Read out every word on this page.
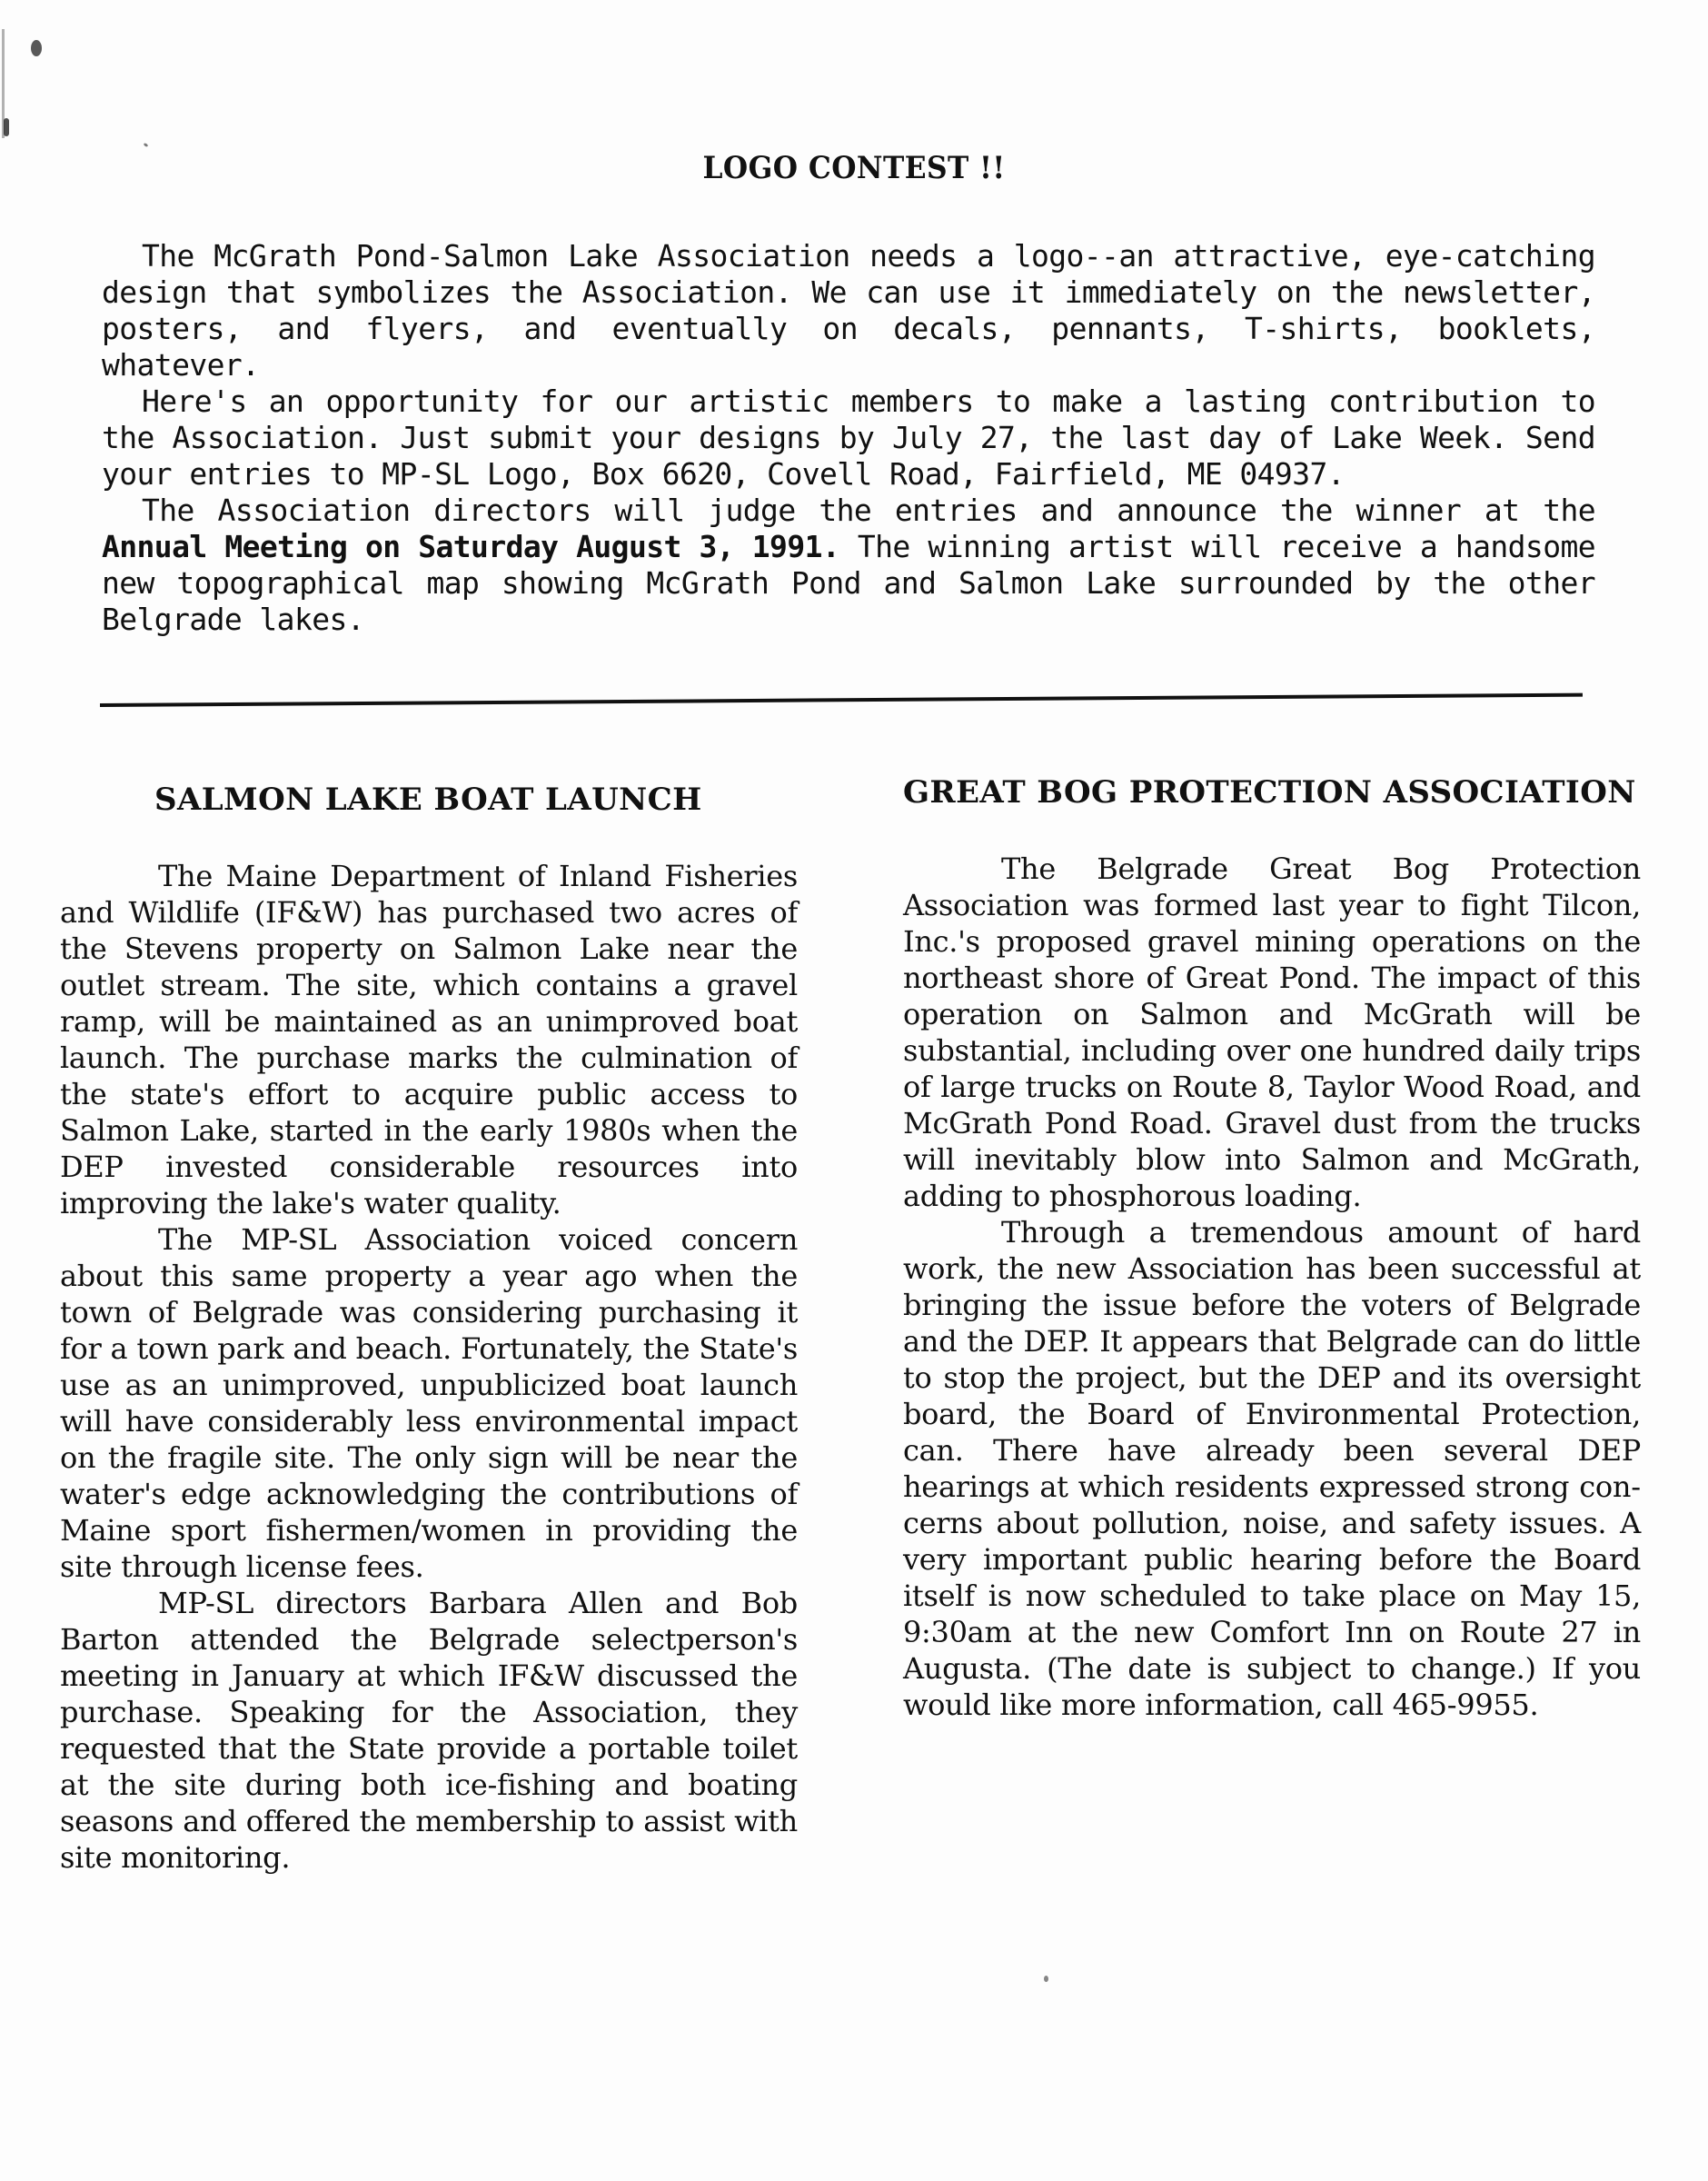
LOGO CONTEST !!

The McGrath Pond-Salmon Lake Association needs a logo--an attractive, eye-catching design that symbolizes the Association. We can use it immediately on the newsletter, posters, and flyers, and eventually on decals, pennants, T-shirts, booklets, whatever.

Here's an opportunity for our artistic members to make a lasting contribution to the Association. Just submit your designs by July 27, the last day of Lake Week. Send your entries to MP-SL Logo, Box 6620, Covell Road, Fairfield, ME 04937.

The Association directors will judge the entries and announce the winner at the Annual Meeting on Saturday August 3, 1991. The winning artist will receive a handsome new topographical map showing McGrath Pond and Salmon Lake surrounded by the other Belgrade lakes.

SALMON LAKE BOAT LAUNCH

The Maine Department of Inland Fisheries and Wildlife (IF&W) has purchased two acres of the Stevens property on Salmon Lake near the outlet stream. The site, which contains a gravel ramp, will be maintained as an unimproved boat launch. The purchase marks the culmination of the state's effort to acquire public access to Salmon Lake, started in the early 1980s when the DEP invested considerable resources into improving the lake's water quality.

The MP-SL Association voiced concern about this same property a year ago when the town of Belgrade was considering purchasing it for a town park and beach. Fortunately, the State's use as an unimproved, unpublicized boat launch will have considerably less environmental impact on the fragile site. The only sign will be near the water's edge acknowledging the contributions of Maine sport fishermen/women in providing the site through license fees.

MP-SL directors Barbara Allen and Bob Barton attended the Belgrade selectperson's meeting in January at which IF&W discussed the purchase. Speaking for the Association, they requested that the State provide a portable toilet at the site during both ice-fishing and boating seasons and offered the membership to assist with site monitoring.

GREAT BOG PROTECTION ASSOCIATION

The Belgrade Great Bog Protection Association was formed last year to fight Tilcon, Inc.'s proposed gravel mining operations on the northeast shore of Great Pond. The impact of this operation on Salmon and McGrath will be substantial, including over one hundred daily trips of large trucks on Route 8, Taylor Wood Road, and McGrath Pond Road. Gravel dust from the trucks will inevitably blow into Salmon and McGrath, adding to phosphorous loading.

Through a tremendous amount of hard work, the new Association has been successful at bringing the issue before the voters of Belgrade and the DEP. It appears that Belgrade can do little to stop the project, but the DEP and its oversight board, the Board of Environmental Protection, can. There have already been several DEP hearings at which residents expressed strong concerns about pollution, noise, and safety issues. A very important public hearing before the Board itself is now scheduled to take place on May 15, 9:30am at the new Comfort Inn on Route 27 in Augusta. (The date is subject to change.) If you would like more information, call 465-9955.
